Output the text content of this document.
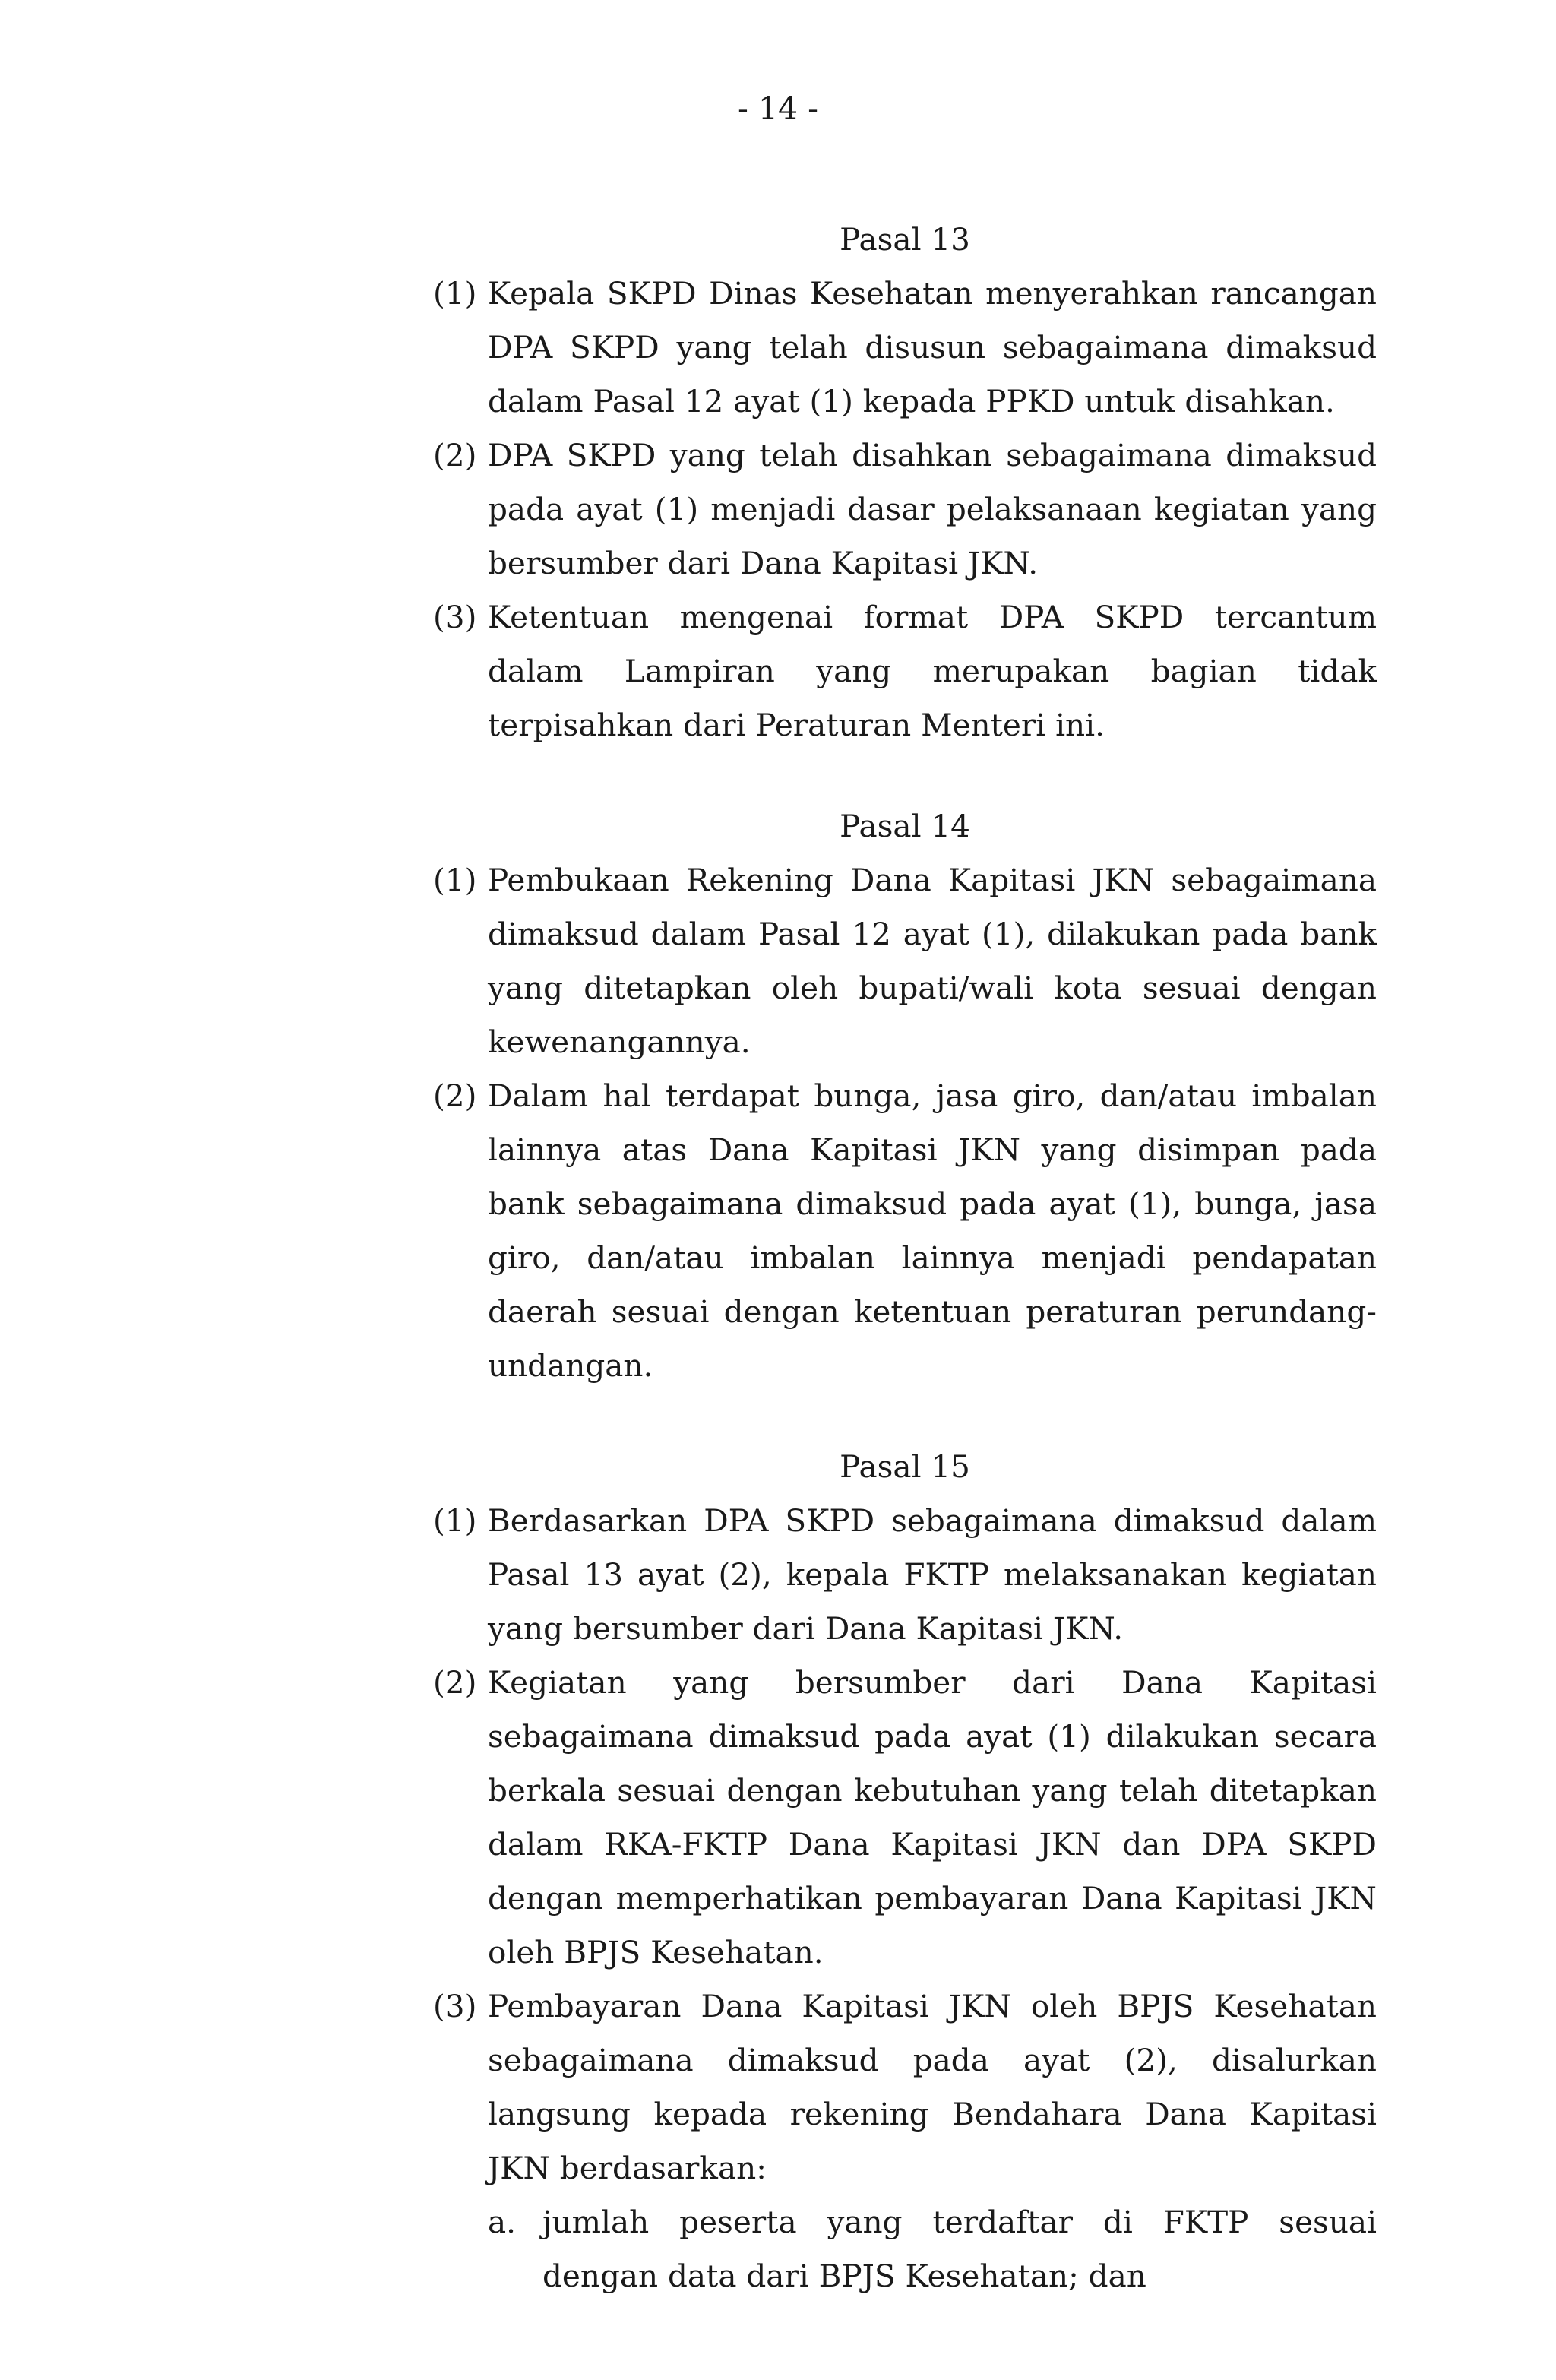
- 14 -
Pasal 13
(1) Kepala SKPD Dinas Kesehatan menyerahkan rancangan DPA SKPD yang telah disusun sebagaimana dimaksud dalam Pasal 12 ayat (1) kepada PPKD untuk disahkan.
(2) DPA SKPD yang telah disahkan sebagaimana dimaksud pada ayat (1) menjadi dasar pelaksanaan kegiatan yang bersumber dari Dana Kapitasi JKN.
(3) Ketentuan mengenai format DPA SKPD tercantum dalam Lampiran yang merupakan bagian tidak terpisahkan dari Peraturan Menteri ini.
Pasal 14
(1) Pembukaan Rekening Dana Kapitasi JKN sebagaimana dimaksud dalam Pasal 12 ayat (1), dilakukan pada bank yang ditetapkan oleh bupati/wali kota sesuai dengan kewenangannya.
(2) Dalam hal terdapat bunga, jasa giro, dan/atau imbalan lainnya atas Dana Kapitasi JKN yang disimpan pada bank sebagaimana dimaksud pada ayat (1), bunga, jasa giro, dan/atau imbalan lainnya menjadi pendapatan daerah sesuai dengan ketentuan peraturan perundang-undangan.
Pasal 15
(1) Berdasarkan DPA SKPD sebagaimana dimaksud dalam Pasal 13 ayat (2), kepala FKTP melaksanakan kegiatan yang bersumber dari Dana Kapitasi JKN.
(2) Kegiatan yang bersumber dari Dana Kapitasi sebagaimana dimaksud pada ayat (1) dilakukan secara berkala sesuai dengan kebutuhan yang telah ditetapkan dalam RKA-FKTP Dana Kapitasi JKN dan DPA SKPD dengan memperhatikan pembayaran Dana Kapitasi JKN oleh BPJS Kesehatan.
(3) Pembayaran Dana Kapitasi JKN oleh BPJS Kesehatan sebagaimana dimaksud pada ayat (2), disalurkan langsung kepada rekening Bendahara Dana Kapitasi JKN berdasarkan:
a. jumlah peserta yang terdaftar di FKTP sesuai dengan data dari BPJS Kesehatan; dan
